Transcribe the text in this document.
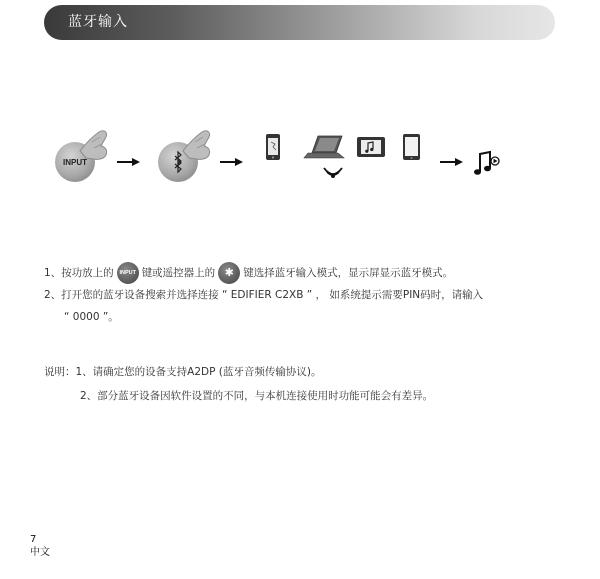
蓝牙输入
INPUT
1、按功放上的 INPUT 键或遥控器上的 ✱ 键选择蓝牙输入模式，显示屏显示蓝牙模式。
2、打开您的蓝牙设备搜索并选择连接 “ EDIFIER C2XB ” ， 如系统提示需要PIN码时，请输入
“ 0000 ”。
说明：1、请确定您的设备支持A2DP (蓝牙音频传输协议)。
2、部分蓝牙设备因软件设置的不同，与本机连接使用时功能可能会有差异。
7
中文
